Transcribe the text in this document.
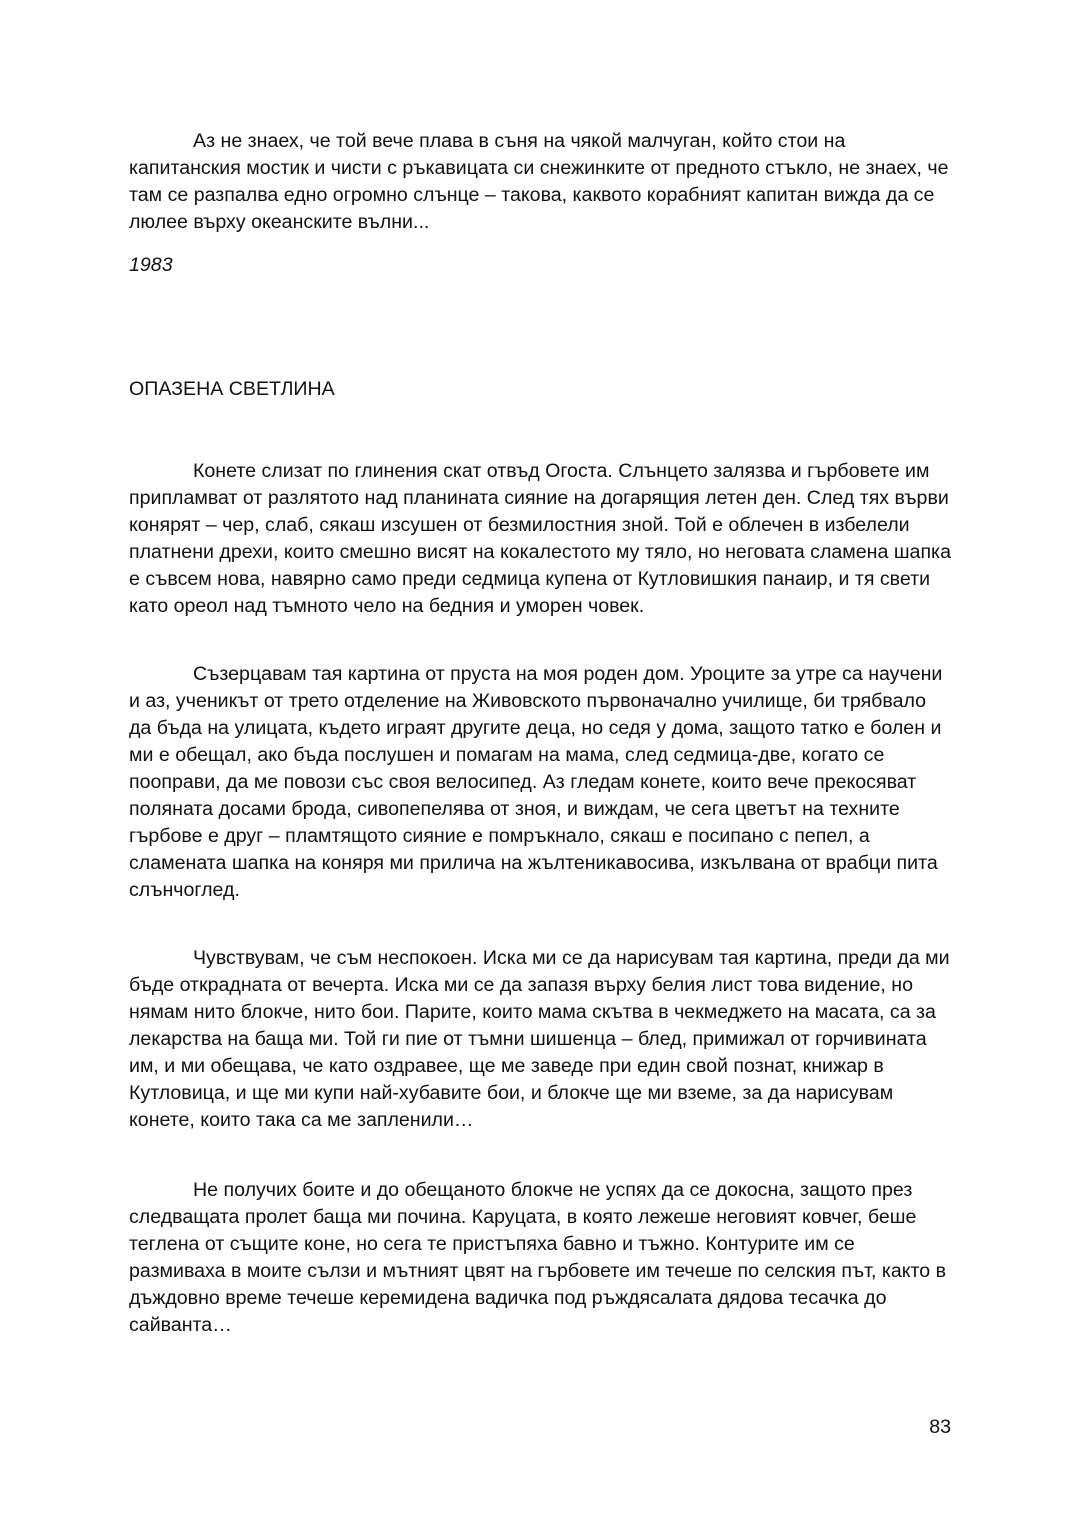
Аз не знаех, че той вече плава в съня на чякой малчуган, който стои на капитанския мостик и чисти с ръкавицата си снежинките от предното стъкло, не знаех, че там се разпалва едно огромно слънце – такова, каквото корабният капитан вижда да се люлее върху океанските вълни...

1983
ОПАЗЕНА СВЕТЛИНА

Конете слизат по глинения скат отвъд Огоста. Слънцето залязва и гърбовете им припламват от разлятото над планината сияние на догарящия летен ден. След тях върви конярят – чер, слаб, сякаш изсушен от безмилостния зной. Той е облечен в избелели платнени дрехи, които смешно висят на кокалестото му тяло, но неговата сламена шапка е съвсем нова, навярно само преди седмица купена от Кутловишкия панаир, и тя свети като ореол над тъмното чело на бедния и уморен човек.

Съзерцавам тая картина от пруста на моя роден дом. Уроците за утре са научени и аз, ученикът от трето отделение на Живовското първоначално училище, би трябвало да бъда на улицата, където играят другите деца, но седя у дома, защото татко е болен и ми е обещал, ако бъда послушен и помагам на мама, след седмица-две, когато се пооправи, да ме повози със своя велосипед. Аз гледам конете, които вече прекосяват поляната досами брода, сивопепелява от зноя, и виждам, че сега цветът на техните гърбове е друг – пламтящото сияние е помръкнало, сякаш е посипано с пепел, а сламената шапка на коняря ми прилича на жълтеникавосива, изкълвана от врабци пита слънчоглед.

Чувствувам, че съм неспокоен. Иска ми се да нарисувам тая картина, преди да ми бъде открадната от вечерта. Иска ми се да запазя върху белия лист това видение, но нямам нито блокче, нито бои. Парите, които мама скътва в чекмеджето на масата, са за лекарства на баща ми. Той ги пие от тъмни шишенца – блед, примижал от горчивината им, и ми обещава, че като оздравее, ще ме заведе при един свой познат, книжар в Кутловица, и ще ми купи най-хубавите бои, и блокче ще ми вземе, за да нарисувам конете, които така са ме запленили…

Не получих боите и до обещаното блокче не успях да се докосна, защото през следващата пролет баща ми почина. Каруцата, в която лежеше неговият ковчег, беше теглена от същите коне, но сега те пристъпяха бавно и тъжно. Контурите им се размиваха в моите сълзи и мътният цвят на гърбовете им течеше по селския път, както в дъждовно време течеше керемидена вадичка под ръждясалата дядова тесачка до сайванта…

83
